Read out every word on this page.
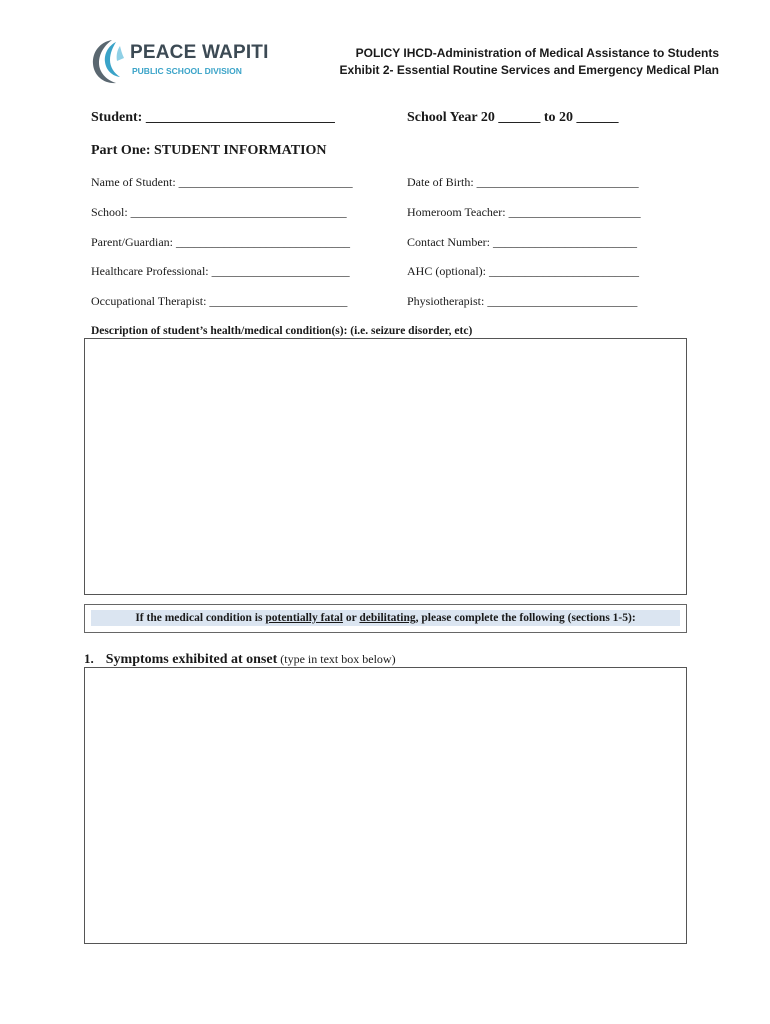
PEACE WAPITI
PUBLIC SCHOOL DIVISION
POLICY IHCD-Administration of Medical Assistance to Students
Exhibit 2- Essential Routine Services and Emergency Medical Plan
Student: ___________________________	School Year 20 ______ to 20 ______
Part One: STUDENT INFORMATION
Name of Student: _____________________________
School: ____________________________________
Parent/Guardian: _____________________________
Healthcare Professional: _______________________
Occupational Therapist: _______________________
Date of Birth: ___________________________
Homeroom Teacher: ______________________
Contact Number: ________________________
AHC (optional): _________________________
Physiotherapist: _________________________
Description of student’s health/medical condition(s): (i.e. seizure disorder, etc)
If the medical condition is potentially fatal or debilitating, please complete the following (sections 1-5):
1. Symptoms exhibited at onset (type in text box below)
